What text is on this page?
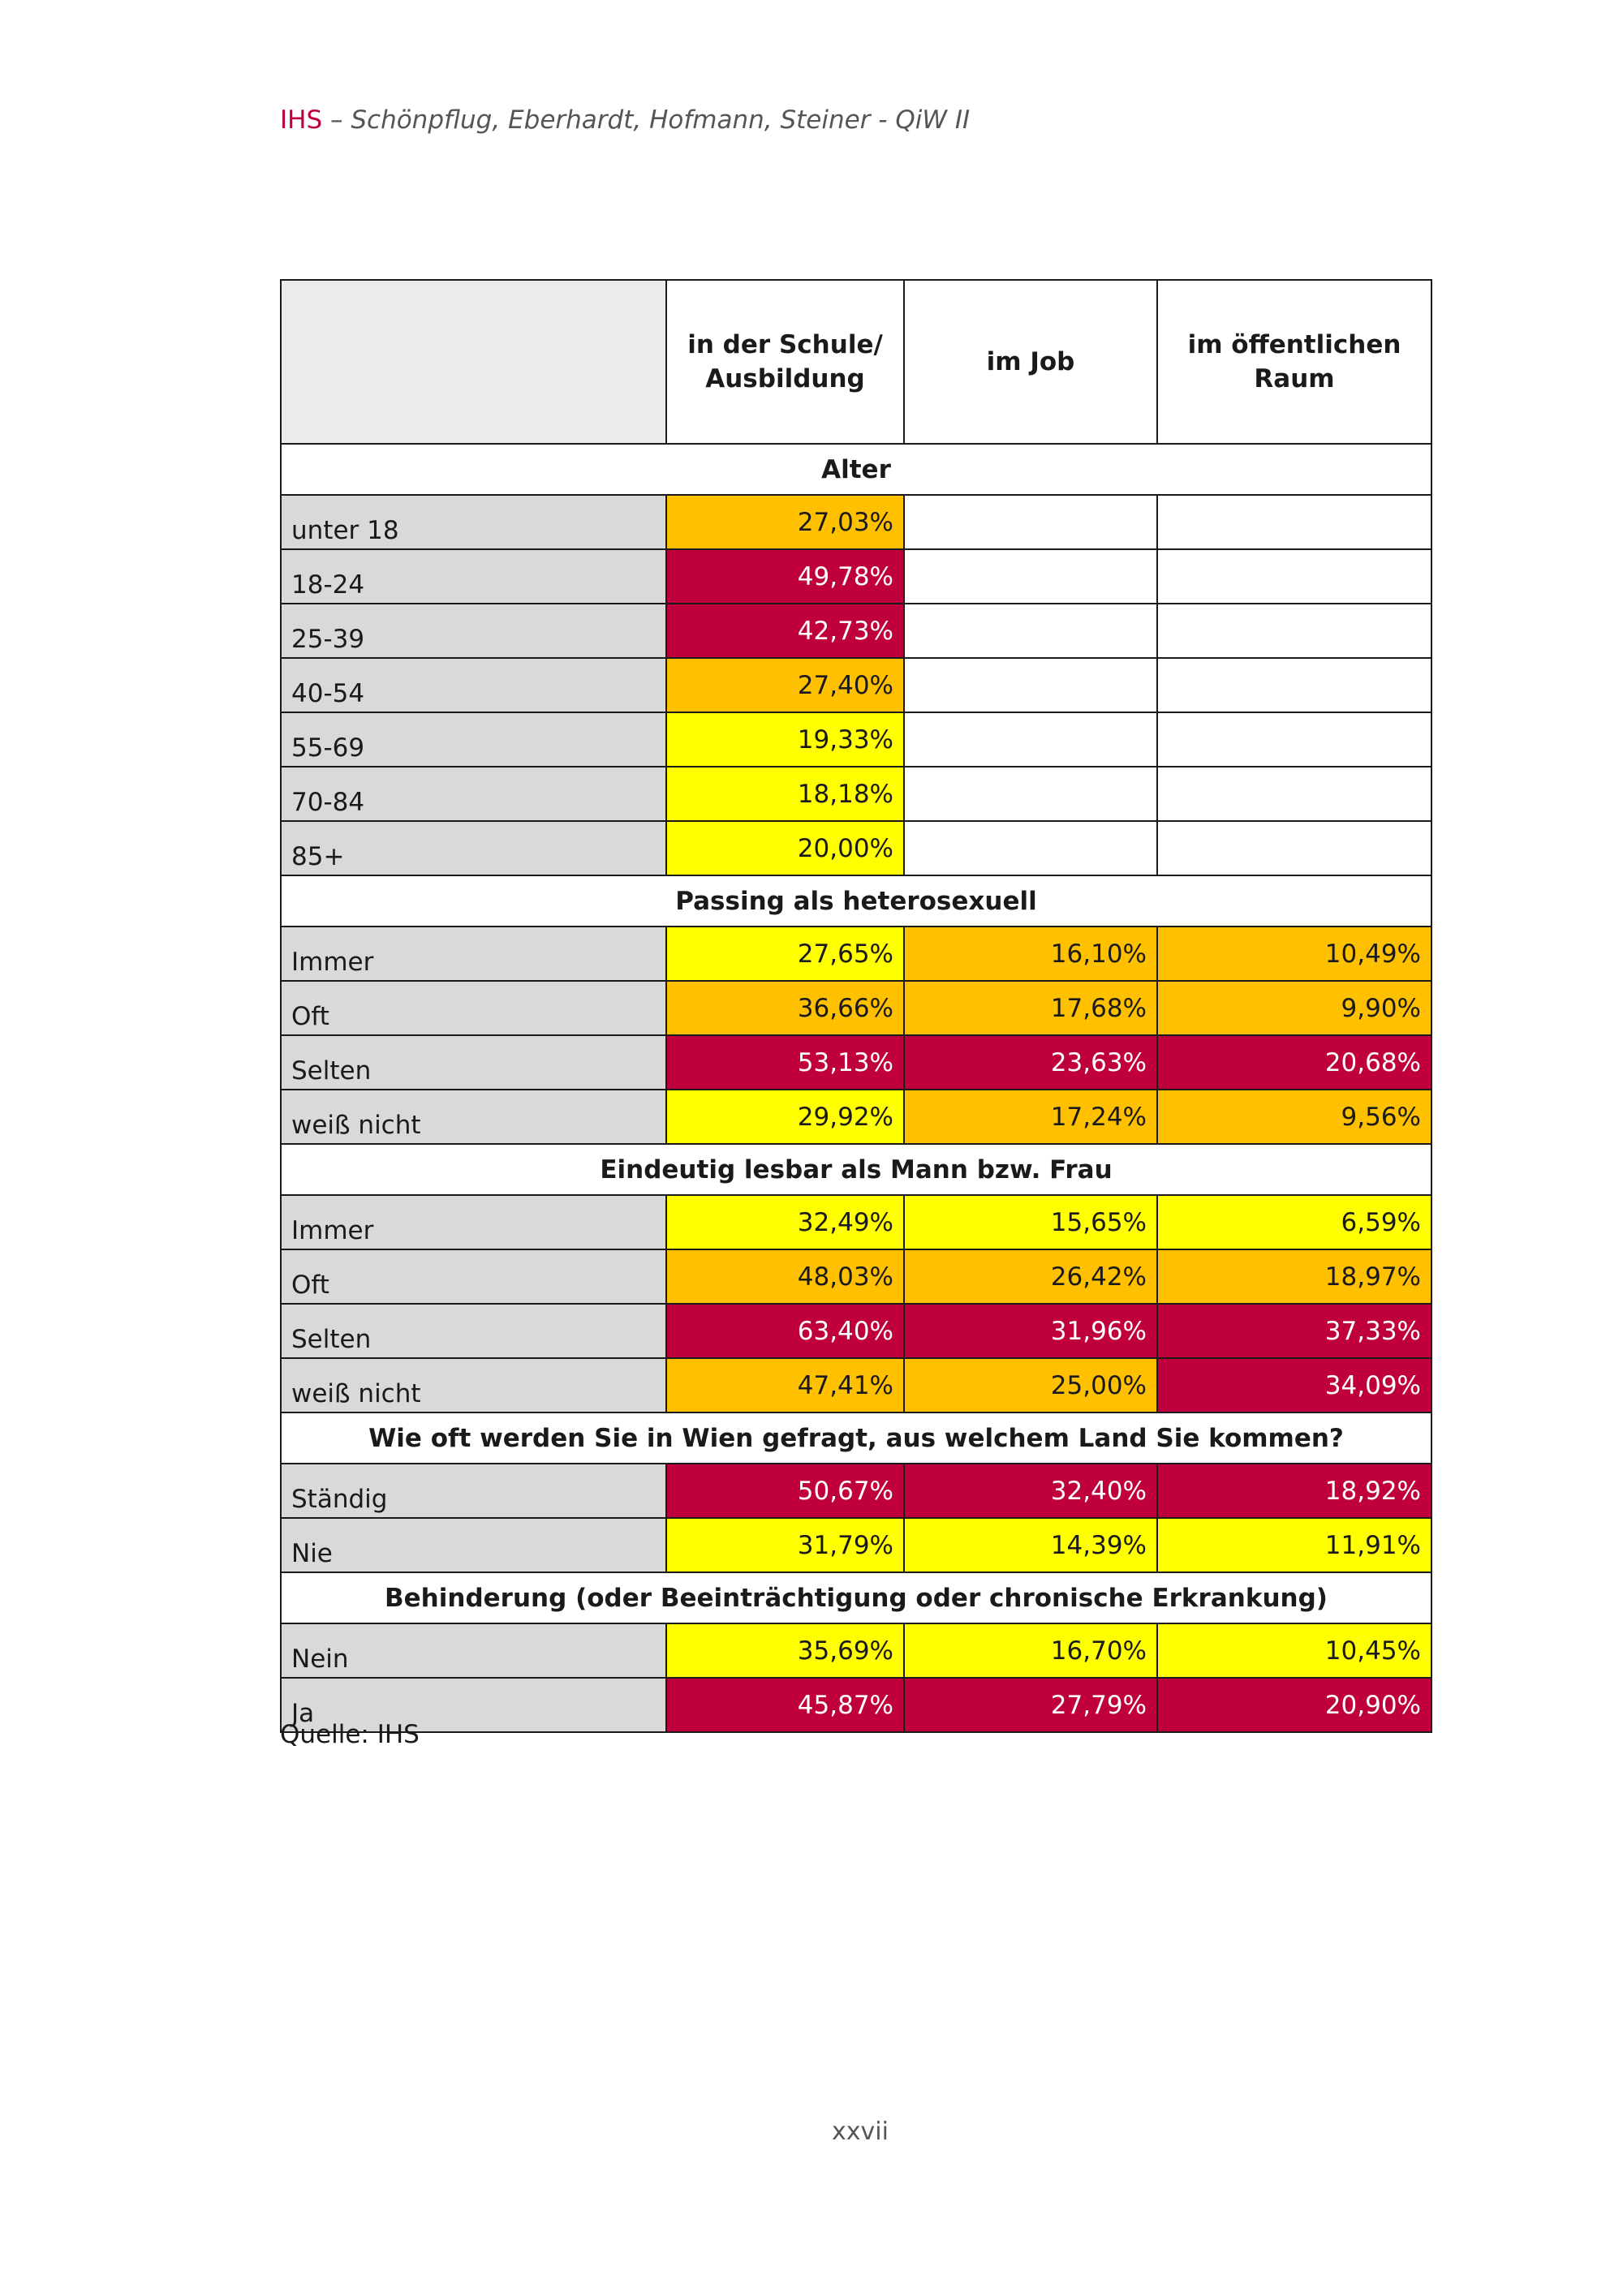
IHS – Schönpflug, Eberhardt, Hofmann, Steiner - QiW II
	in der Schule/ Ausbildung	im Job	im öffentlichen Raum
Alter			
unter 18	27,03%		
18-24	49,78%		
25-39	42,73%		
40-54	27,40%		
55-69	19,33%		
70-84	18,18%		
85+	20,00%		
Passing als heterosexuell			
Immer	27,65%	16,10%	10,49%
Oft	36,66%	17,68%	9,90%
Selten	53,13%	23,63%	20,68%
weiß nicht	29,92%	17,24%	9,56%
Eindeutig lesbar als Mann bzw. Frau			
Immer	32,49%	15,65%	6,59%
Oft	48,03%	26,42%	18,97%
Selten	63,40%	31,96%	37,33%
weiß nicht	47,41%	25,00%	34,09%
Wie oft werden Sie in Wien gefragt, aus welchem Land Sie kommen?			
Ständig	50,67%	32,40%	18,92%
Nie	31,79%	14,39%	11,91%
Behinderung (oder Beeinträchtigung oder chronische Erkrankung)			
Nein	35,69%	16,70%	10,45%
Ja	45,87%	27,79%	20,90%
Quelle: IHS
xxvii
